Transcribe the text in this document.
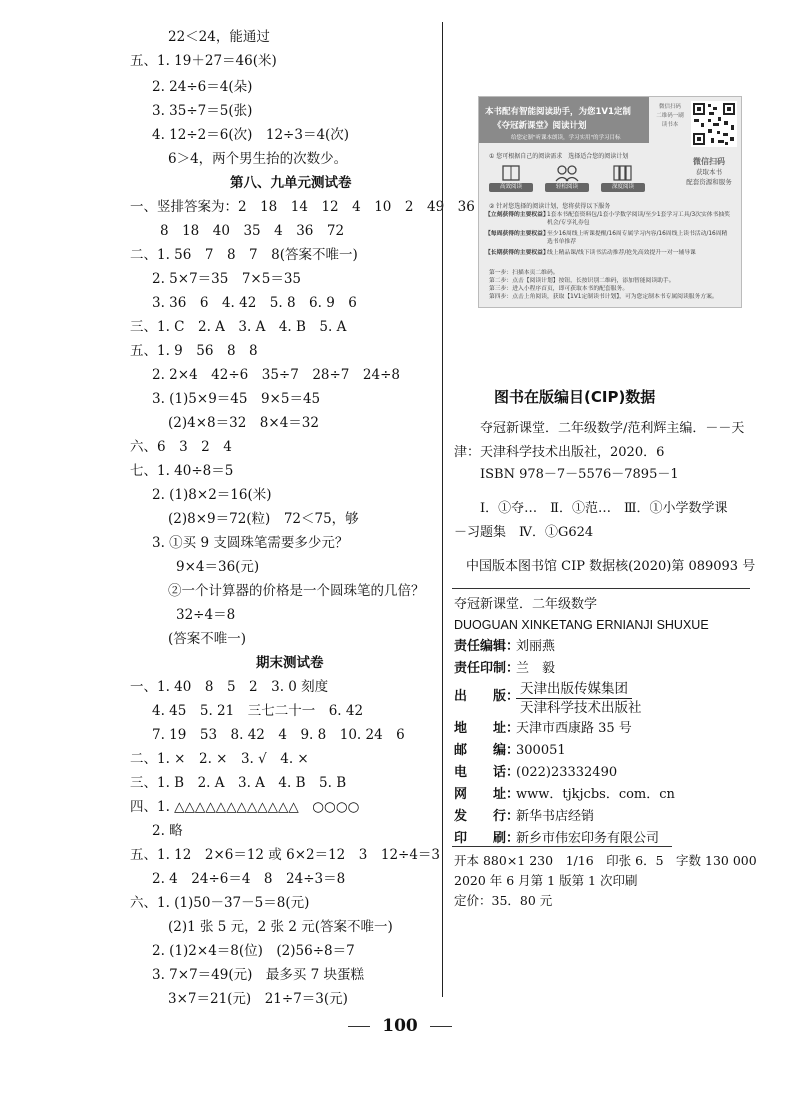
22＜24，能通过
五、1. 19＋27＝46(米)
2. 24÷6＝4(朵)
3. 35÷7＝5(张)
4. 12÷2＝6(次)　12÷3＝4(次)
6＞4，两个男生抬的次数少。
第八、九单元测试卷
一、竖排答案为：2　18　14　12　4　10　2　49　36
8　18　40　35　4　36　72
二、1. 56　7　8　7　8(答案不唯一)
2. 5×7＝35　7×5＝35
3. 36　6　4. 42　5. 8　6. 9　6
三、1. C　2. A　3. A　4. B　5. A
五、1. 9　56　8　8
2. 2×4　42÷6　35÷7　28÷7　24÷8
3. (1)5×9＝45　9×5＝45
(2)4×8＝32　8×4＝32
六、6　3　2　4
七、1. 40÷8＝5
2. (1)8×2＝16(米)
(2)8×9＝72(粒)　72＜75，够
3. ①买 9 支圆珠笔需要多少元？
9×4＝36(元)
②一个计算器的价格是一个圆珠笔的几倍？
32÷4＝8
(答案不唯一)
期末测试卷
一、1. 40　8　5　2　3. 0 刻度
4. 45　5. 21　三七二十一　6. 42
7. 19　53　8. 42　4　9. 8　10. 24　6
二、1. ×　2. ×　3. √　4. ×
三、1. B　2. A　3. A　4. B　5. B
四、1. △△△△△△△△△△△△　○○○○
2. 略
五、1. 12　2×6＝12 或 6×2＝12　3　12÷4＝3
2. 4　24÷6＝4　8　24÷3＝8
六、1. (1)50－37－5＝8(元)
(2)1 张 5 元，2 张 2 元(答案不唯一)
2. (1)2×4＝8(位)　(2)56÷8＝7
3. 7×7＝49(元)　最多买 7 块蛋糕
3×7＝21(元)　21÷7＝3(元)
本书配有智能阅读助手，为您1V1定制
《夺冠新课堂》阅读计划
给您定制"听课本朗读，学习实用"的学习目标
微信扫码
二维码一刷
读书本
微信扫码
获取本书
配套资源和服务
① 您可根据自己的阅读需求　选择适合您的阅读计划
高效阅读	轻松阅读	深度阅读
② 针对您选择的阅读计划，您将获得以下服务
【立刻获得的主要权益】1套本书配套资料包/1套小学数学阅读/至少1套学习工具/3次实体书抽奖机会/专享礼券包
【每周获得的主要权益】至少16周线上听课提醒/16周专属学习内容/16周线上读书活动/16周精选书单推荐
【长期获得的主要权益】线上精品课/线下读书活动推荐/抢先高效提升一对一辅导课
第一步：扫描本页二维码。
第二步：点击【阅读计划】按钮，长按识别二维码，添加智能阅读助手。
第三步：进入小程序首页，即可获取本书的配套服务。
第四步：点击上角阅读，获取【1V1定制读书计划】，可为您定制本书专属阅读服务方案。
图书在版编目(CIP)数据
夺冠新课堂．二年级数学/范利辉主编．－－天
津：天津科学技术出版社，2020．6
ISBN 978－7－5576－7895－1
Ⅰ．①夺…　Ⅱ．①范…　Ⅲ．①小学数学课
－习题集　Ⅳ．①G624
中国版本图书馆 CIP 数据核(2020)第 089093 号
夺冠新课堂．二年级数学
DUOGUAN XINKETANG ERNIANJI SHUXUE
责任编辑：刘丽燕
责任印制：兰　毅
出　　版： 天津出版传媒集团
天津科学技术出版社
地　　址：天津市西康路 35 号
邮　　编：300051
电　　话：(022)23332490
网　　址：www．tjkjcbs．com．cn
发　　行：新华书店经销
印　　刷：新乡市伟宏印务有限公司
开本 880×1 230　1/16　印张 6．5　字数 130 000
2020 年 6 月第 1 版第 1 次印刷
定价：35．80 元
100
